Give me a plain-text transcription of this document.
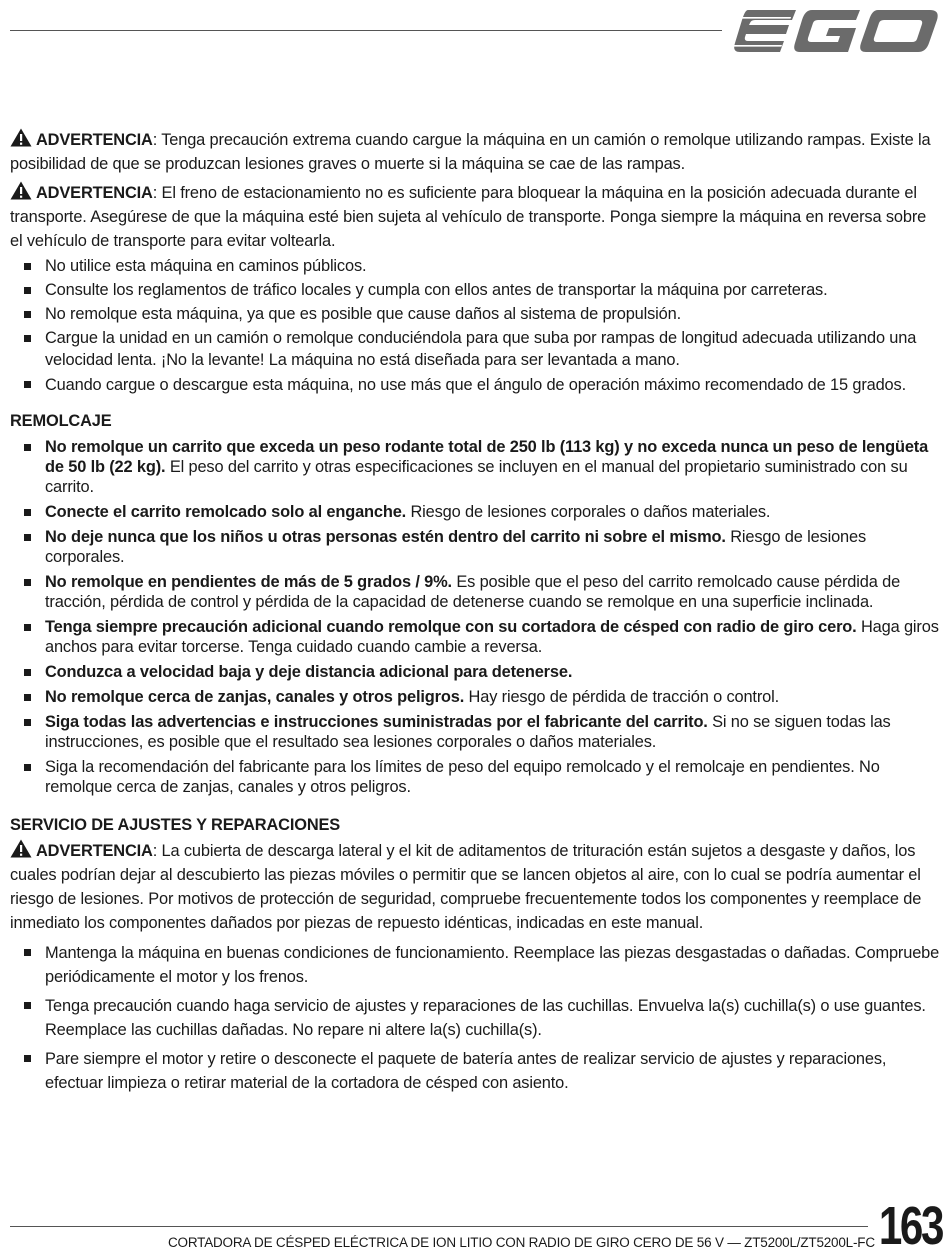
ADVERTENCIA: Tenga precaución extrema cuando cargue la máquina en un camión o remolque utilizando rampas. Existe la posibilidad de que se produzcan lesiones graves o muerte si la máquina se cae de las rampas.

ADVERTENCIA: El freno de estacionamiento no es suficiente para bloquear la máquina en la posición adecuada durante el transporte. Asegúrese de que la máquina esté bien sujeta al vehículo de transporte. Ponga siempre la máquina en reversa sobre el vehículo de transporte para evitar voltearla.

No utilice esta máquina en caminos públicos.
Consulte los reglamentos de tráfico locales y cumpla con ellos antes de transportar la máquina por carreteras.
No remolque esta máquina, ya que es posible que cause daños al sistema de propulsión.
Cargue la unidad en un camión o remolque conduciéndola para que suba por rampas de longitud adecuada utilizando una velocidad lenta. ¡No la levante! La máquina no está diseñada para ser levantada a mano.
Cuando cargue o descargue esta máquina, no use más que el ángulo de operación máximo recomendado de 15 grados.

REMOLCAJE

No remolque un carrito que exceda un peso rodante total de 250 lb (113 kg) y no exceda nunca un peso de lengüeta de 50 lb (22 kg). El peso del carrito y otras especificaciones se incluyen en el manual del propietario suministrado con su carrito.
Conecte el carrito remolcado solo al enganche. Riesgo de lesiones corporales o daños materiales.
No deje nunca que los niños u otras personas estén dentro del carrito ni sobre el mismo. Riesgo de lesiones corporales.
No remolque en pendientes de más de 5 grados / 9%. Es posible que el peso del carrito remolcado cause pérdida de tracción, pérdida de control y pérdida de la capacidad de detenerse cuando se remolque en una superficie inclinada.
Tenga siempre precaución adicional cuando remolque con su cortadora de césped con radio de giro cero. Haga giros anchos para evitar torcerse. Tenga cuidado cuando cambie a reversa.
Conduzca a velocidad baja y deje distancia adicional para detenerse.
No remolque cerca de zanjas, canales y otros peligros. Hay riesgo de pérdida de tracción o control.
Siga todas las advertencias e instrucciones suministradas por el fabricante del carrito. Si no se siguen todas las instrucciones, es posible que el resultado sea lesiones corporales o daños materiales.
Siga la recomendación del fabricante para los límites de peso del equipo remolcado y el remolcaje en pendientes. No remolque cerca de zanjas, canales y otros peligros.

SERVICIO DE AJUSTES Y REPARACIONES

ADVERTENCIA: La cubierta de descarga lateral y el kit de aditamentos de trituración están sujetos a desgaste y daños, los cuales podrían dejar al descubierto las piezas móviles o permitir que se lancen objetos al aire, con lo cual se podría aumentar el riesgo de lesiones. Por motivos de protección de seguridad, compruebe frecuentemente todos los componentes y reemplace de inmediato los componentes dañados por piezas de repuesto idénticas, indicadas en este manual.

Mantenga la máquina en buenas condiciones de funcionamiento. Reemplace las piezas desgastadas o dañadas. Compruebe periódicamente el motor y los frenos.
Tenga precaución cuando haga servicio de ajustes y reparaciones de las cuchillas. Envuelva la(s) cuchilla(s) o use guantes. Reemplace las cuchillas dañadas. No repare ni altere la(s) cuchilla(s).
Pare siempre el motor y retire o desconecte el paquete de batería antes de realizar servicio de ajustes y reparaciones, efectuar limpieza o retirar material de la cortadora de césped con asiento.
CORTADORA DE CÉSPED ELÉCTRICA DE ION LITIO CON RADIO DE GIRO CERO DE 56 V — ZT5200L/ZT5200L-FC 163
